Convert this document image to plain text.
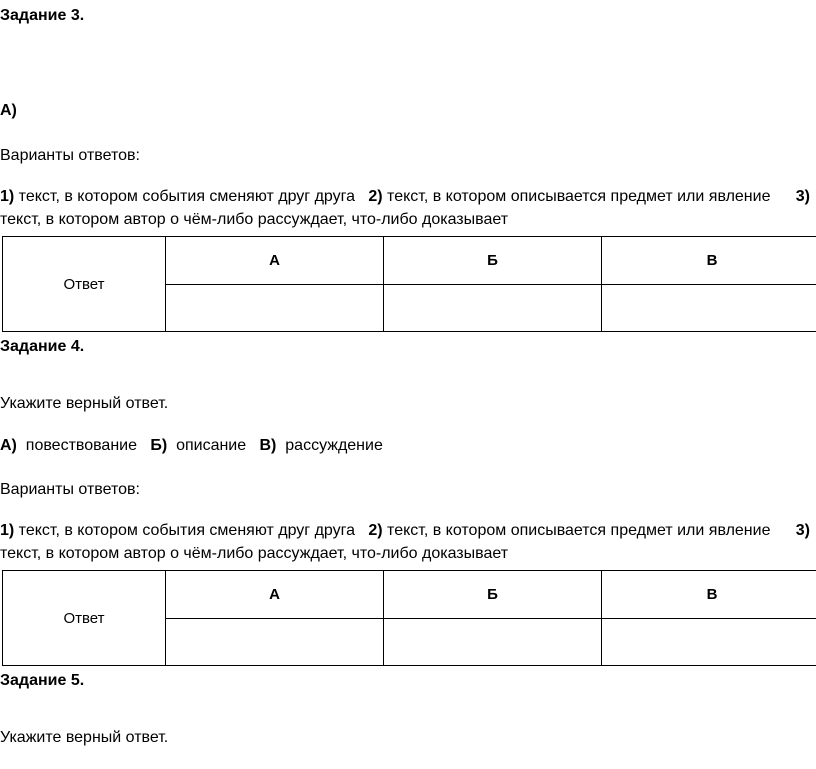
Задание 3.
А)
Варианты ответов:
1) текст, в котором события сменяют друг друга 2) текст, в котором описывается предмет или явление 3)
текст, в котором автор о чём-либо рассуждает, что-либо доказывает
Ответ	А	Б	В

Задание 4.
Укажите верный ответ.
А) повествование Б) описание В) рассуждение
Варианты ответов:
1) текст, в котором события сменяют друг друга 2) текст, в котором описывается предмет или явление 3)
текст, в котором автор о чём-либо рассуждает, что-либо доказывает
Ответ	А	Б	В

Задание 5.
Укажите верный ответ.
